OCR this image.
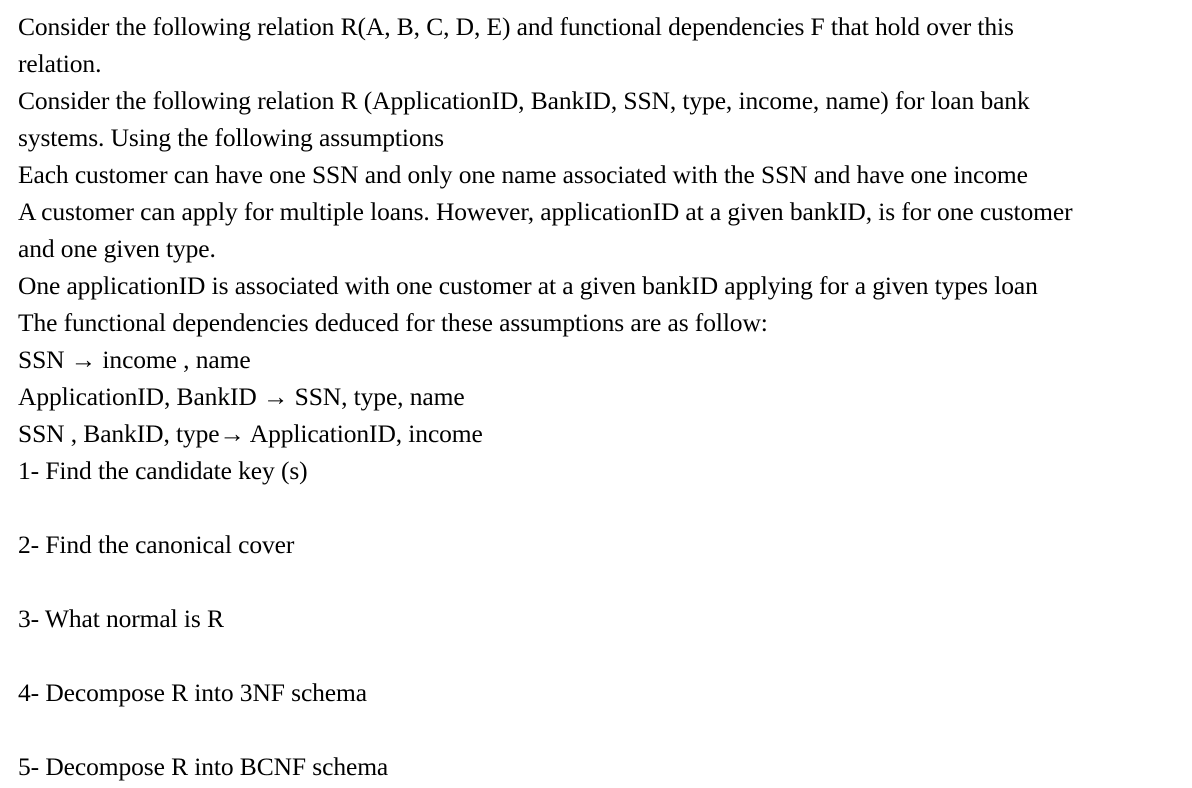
Consider the following relation R(A, B, C, D, E) and functional dependencies F that hold over this
relation.
Consider the following relation R (ApplicationID, BankID, SSN, type, income, name) for loan bank
systems. Using the following assumptions
Each customer can have one SSN and only one name associated with the SSN and have one income
A customer can apply for multiple loans. However, applicationID at a given bankID, is for one customer
and one given type.
One applicationID is associated with one customer at a given bankID applying for a given types loan
The functional dependencies deduced for these assumptions are as follow:
SSN → income , name
ApplicationID, BankID → SSN, type, name
SSN , BankID, type→ ApplicationID, income
1- Find the candidate key (s)
2- Find the canonical cover
3- What normal is R
4- Decompose R into 3NF schema
5- Decompose R into BCNF schema
